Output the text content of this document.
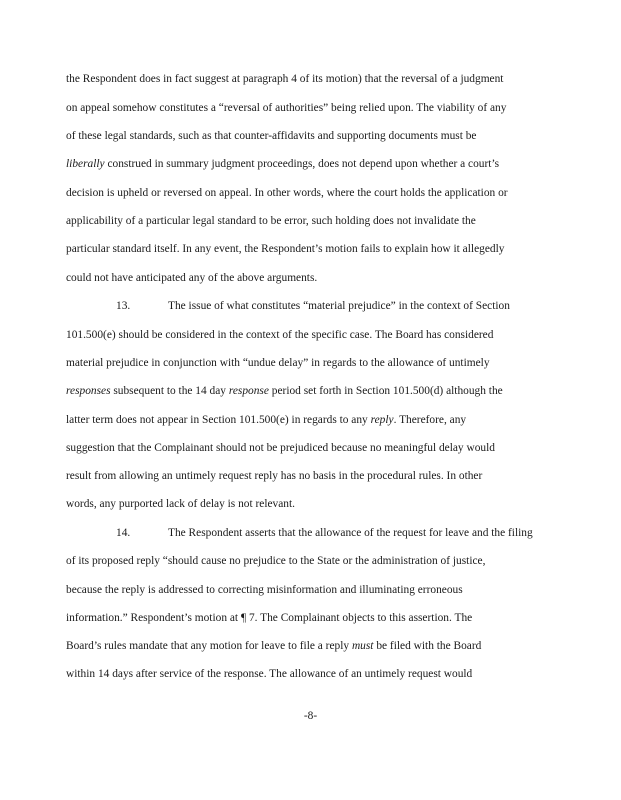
the Respondent does in fact suggest at paragraph 4 of its motion) that the reversal of a judgment
on appeal somehow constitutes a “reversal of authorities” being relied upon. The viability of any
of these legal standards, such as that counter-affidavits and supporting documents must be
liberally construed in summary judgment proceedings, does not depend upon whether a court’s
decision is upheld or reversed on appeal. In other words, where the court holds the application or
applicability of a particular legal standard to be error, such holding does not invalidate the
particular standard itself. In any event, the Respondent’s motion fails to explain how it allegedly
could not have anticipated any of the above arguments.
13.	The issue of what constitutes “material prejudice” in the context of Section
101.500(e) should be considered in the context of the specific case. The Board has considered
material prejudice in conjunction with “undue delay” in regards to the allowance of untimely
responses subsequent to the 14 day response period set forth in Section 101.500(d) although the
latter term does not appear in Section 101.500(e) in regards to any reply. Therefore, any
suggestion that the Complainant should not be prejudiced because no meaningful delay would
result from allowing an untimely request reply has no basis in the procedural rules. In other
words, any purported lack of delay is not relevant.
14.	The Respondent asserts that the allowance of the request for leave and the filing
of its proposed reply “should cause no prejudice to the State or the administration of justice,
because the reply is addressed to correcting misinformation and illuminating erroneous
information.” Respondent’s motion at ¶ 7. The Complainant objects to this assertion. The
Board’s rules mandate that any motion for leave to file a reply must be filed with the Board
within 14 days after service of the response. The allowance of an untimely request would
-8-
